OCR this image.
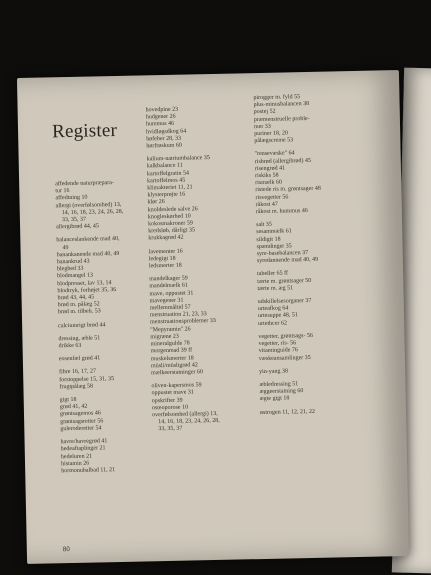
Register
affedende naturpræpara-
tur 16
affedtning 10
allergi (overfølsomhed) 13,
14, 16, 18, 23, 24, 26, 28,
33, 35, 37
allergibrød 44, 45
balanceslankende mad 40,
49
banankanende mad 40, 49
banankrud 43
blegbed 33
blodmangel 13
blodpresset, lav 13, 14
blodtryk, forhøjet 35, 36
brød 43, 44, 45
brød m. pålæg 52
brød m. tilbeh. 53
calciumrigt brød 44
dressing, æble 51
drikke 63
eosenfæl grød 41
fibre 16, 17, 27
forstoppelse 15, 31, 35
frugtpålæg 58
gigt 18
grød 41, 42
grøntsagemos 46
grøntsagsretter 56
guleroderetter 54
havre/havregrød 41
hedeaftaplinger 21
hedeluren 21
histamin 26
hormonubalbad 11, 21
hovedpine 23
hudgener 26
hummus 46
hvidløgsdkog 64
høfeber 28, 33
hørfrøskum 60
kalium-natriumbalance 35
kalkbalance 11
kartoffelgratin 54
kartoffelmos 45
klimakteriet 11, 21
klysterprøjte 16
klør 26
knoldeslede salve 26
knogleskørhed 10
kokosmakroner 59
kredsløb, dårligt 35
krukkagrød 42
lavementer 16
ledegigt 18
ledsmerter 18
mandelkager 59
mandelmælk 61
mave, oppustet 31
mavegener 31
mellemmåltid 57
menstruation 21, 23, 33
menstruationsproblemer 33
"Mepyramin" 26
migræne 23
mineralgulde 78
morgenmad 39 ff
muskelsmerter 18
müsli/müsligrød 42
mælkeerstatninger 60
oliven-kapersmos 59
oppustet mave 31
opskrifter 39
osteoporose 10
overfølsomhed (allergi) 13,
14, 16, 18, 23, 24, 26, 28,
33, 35, 37
pirogger m. fyld 55
plus-minusbalancen 38
postej 52
præmenstruelle proble-
mer 33
puriner 18, 20
pålægscreme 53
"rensevæske" 64
risbrød (allergibrød) 45
risengrød 41
riskiks 58
rismælk 60
ristede ris m. grøntsager 48
risvegetter 56
råkost 47
råkost m. hummus 46
salt 35
sesammælk 61
sildigit 18
spændinger 35
syre-basebalancen 37
syredannende mad 40, 49
tabeller 65 ff
tærte m. grøntsager 50
tærte m. æg 51
udskillelsesorganer 37
urteafkog 64
urtesuppe 48, 51
urtethcer 62
vegetter, grøntsags- 56
vegetter, ris- 56
vitaminguide 76
væskeansamlinger 35
yin-yang 38
æbledressing 51
æggeerstatning 60
ægte gigt 18
østrogen 11, 12, 21, 22
80
